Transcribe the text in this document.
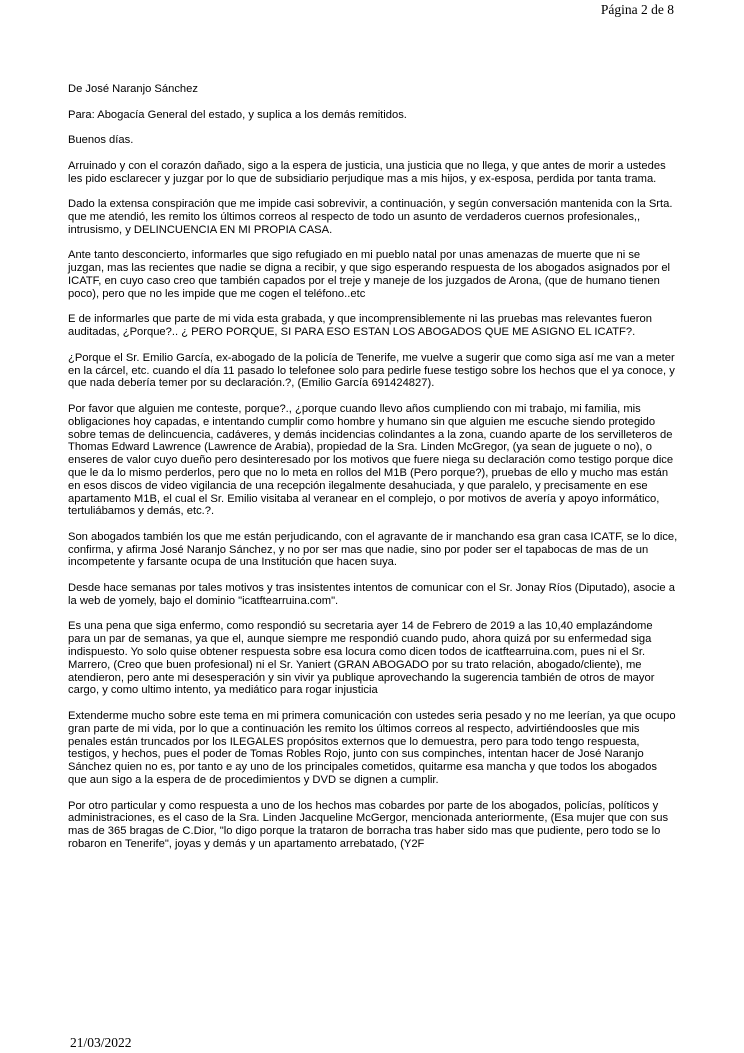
Página 2 de 8

De José Naranjo Sánchez

Para: Abogacía General del estado, y suplica a los demás remitidos.

Buenos días.

Arruinado y con el corazón dañado, sigo a la espera de justicia, una justicia que no llega, y que antes de morir a ustedes les pido esclarecer y juzgar por lo que de subsidiario perjudique mas a mis hijos, y ex-esposa, perdida por tanta trama.

Dado la extensa conspiración que me impide casi sobrevivir, a continuación, y según conversación mantenida con la Srta. que me atendió, les remito los últimos correos al respecto de todo un asunto de verdaderos cuernos profesionales,, intrusismo, y DELINCUENCIA EN MI PROPIA CASA.

Ante tanto desconcierto, informarles que sigo refugiado en mi pueblo natal por unas amenazas de muerte que ni se juzgan, mas las recientes que nadie se digna a recibir, y que sigo esperando respuesta de los abogados asignados por el ICATF, en cuyo caso creo que también capados por el treje y maneje de los juzgados de Arona, (que de humano tienen poco), pero que no les impide que me cogen el teléfono..etc

E de informarles que parte de mi vida esta grabada, y que incomprensiblemente ni las pruebas mas relevantes fueron auditadas, ¿Porque?.. ¿ PERO PORQUE, SI PARA ESO ESTAN LOS ABOGADOS QUE ME ASIGNO EL ICATF?.

¿Porque el Sr. Emilio García, ex-abogado de la policía de Tenerife, me vuelve a sugerir que como siga así me van a meter en la cárcel, etc. cuando el día 11 pasado lo telefonee solo para pedirle fuese testigo sobre los hechos que el ya conoce, y que nada debería temer por su declaración.?, (Emilio García 691424827).

Por favor que alguien me conteste, porque?., ¿porque cuando llevo años cumpliendo con mi trabajo, mi familia, mis obligaciones hoy capadas, e intentando cumplir como hombre y humano sin que alguien me escuche siendo protegido sobre temas de delincuencia, cadáveres, y demás incidencias colindantes a la zona, cuando aparte de los servilleteros de Thomas Edward Lawrence (Lawrence de Arabia), propiedad de la Sra. Linden McGregor, (ya sean de juguete o no), o enseres de valor cuyo dueño pero desinteresado por los motivos que fuere niega su declaración como testigo porque dice que le da lo mismo perderlos, pero que no lo meta en rollos del M1B (Pero porque?), pruebas de ello y mucho mas están en esos discos de video vigilancia de una recepción ilegalmente desahuciada, y que paralelo, y precisamente en ese apartamento M1B, el cual el Sr. Emilio visitaba al veranear en el complejo, o por motivos de avería y apoyo informático, tertuliábamos y demás, etc.?.

Son abogados también los que me están perjudicando, con el agravante de ir manchando esa gran casa ICATF, se lo dice, confirma, y afirma José Naranjo Sánchez, y no por ser mas que nadie, sino por poder ser el tapabocas de mas de un incompetente y farsante ocupa de una Institución que hacen suya.

Desde hace semanas por tales motivos y tras insistentes intentos de comunicar con el Sr. Jonay Ríos (Diputado), asocie a la web de yomely, bajo el dominio "icatftearruina.com".

Es una pena que siga enfermo, como respondió su secretaria ayer 14 de Febrero de 2019 a las 10,40 emplazándome para un par de semanas, ya que el, aunque siempre me respondió cuando pudo, ahora quizá por su enfermedad siga indispuesto. Yo solo quise obtener respuesta sobre esa locura como dicen todos de icatftearruina.com, pues ni el Sr. Marrero, (Creo que buen profesional) ni el Sr. Yaniert (GRAN ABOGADO por su trato relación, abogado/cliente), me atendieron, pero ante mi desesperación y sin vivir ya publique aprovechando la sugerencia también de otros de mayor cargo, y como ultimo intento, ya mediático para rogar injusticia

Extenderme mucho sobre este tema en mi primera comunicación con ustedes seria pesado y no me leerían, ya que ocupo gran parte de mi vida, por lo que a continuación les remito los últimos correos al respecto, advirtiéndoosles que mis penales están truncados por los ILEGALES propósitos externos que lo demuestra, pero para todo tengo respuesta, testigos, y hechos, pues el poder de Tomas Robles Rojo, junto con sus compinches, intentan hacer de José Naranjo Sánchez quien no es, por tanto e ay uno de los principales cometidos, quitarme esa mancha y que todos los abogados que aun sigo a la espera de de procedimientos y DVD se dignen a cumplir.

Por otro particular y como respuesta a uno de los hechos mas cobardes por parte de los abogados, policías, políticos y administraciones, es el caso de la Sra. Linden Jacqueline McGergor, mencionada anteriormente, (Esa mujer que con sus mas de 365 bragas de C.Dior, "lo digo porque la trataron de borracha tras haber sido mas que pudiente, pero todo se lo robaron en Tenerife", joyas y demás y un apartamento arrebatado, (Y2F

21/03/2022
